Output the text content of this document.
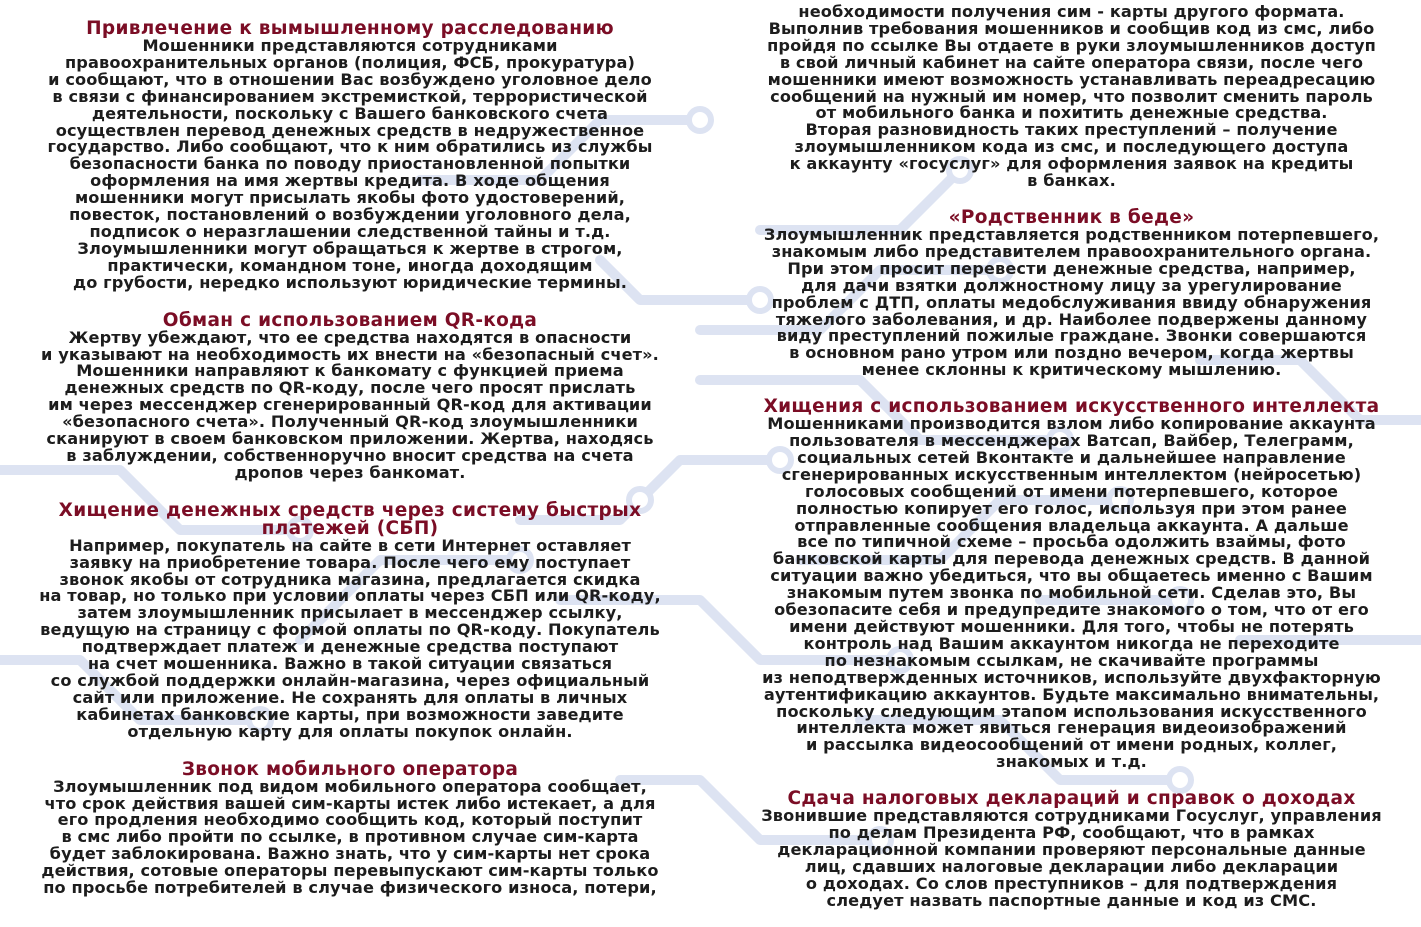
Привлечение к вымышленному расследованию
Мошенники представляются сотрудниками
правоохранительных органов (полиция, ФСБ, прокуратура)
и сообщают, что в отношении Вас возбуждено уголовное дело
в связи с финансированием экстремисткой, террористической
деятельности, поскольку с Вашего банковского счета
осуществлен перевод денежных средств в недружественное
государство. Либо сообщают, что к ним обратились из службы
безопасности банка по поводу приостановленной попытки
оформления на имя жертвы кредита. В ходе общения
мошенники могут присылать якобы фото удостоверений,
повесток, постановлений о возбуждении уголовного дела,
подписок о неразглашении следственной тайны и т.д.
Злоумышленники могут обращаться к жертве в строгом,
практически, командном тоне, иногда доходящим
до грубости, нередко используют юридические термины.
Обман с использованием QR-кода
Жертву убеждают, что ее средства находятся в опасности
и указывают на необходимость их внести на «безопасный счет».
Мошенники направляют к банкомату с функцией приема
денежных средств по QR-коду, после чего просят прислать
им через мессенджер сгенерированный QR-код для активации
«безопасного счета». Полученный QR-код злоумышленники
сканируют в своем банковском приложении. Жертва, находясь
в заблуждении, собственноручно вносит средства на счета
дропов через банкомат.
Хищение денежных средств через систему быстрых
платежей (СБП)
Например, покупатель на сайте в сети Интернет оставляет
заявку на приобретение товара. После чего ему поступает
звонок якобы от сотрудника магазина, предлагается скидка
на товар, но только при условии оплаты через СБП или QR-коду,
затем злоумышленник присылает в мессенджер ссылку,
ведущую на страницу с формой оплаты по QR-коду. Покупатель
подтверждает платеж и денежные средства поступают
на счет мошенника. Важно в такой ситуации связаться
со службой поддержки онлайн-магазина, через официальный
сайт или приложение. Не сохранять для оплаты в личных
кабинетах банковские карты, при возможности заведите
отдельную карту для оплаты покупок онлайн.
Звонок мобильного оператора
Злоумышленник под видом мобильного оператора сообщает,
что срок действия вашей сим-карты истек либо истекает, а для
его продления необходимо сообщить код, который поступит
в смс либо пройти по ссылке, в противном случае сим-карта
будет заблокирована. Важно знать, что у сим-карты нет срока
действия, сотовые операторы перевыпускают сим-карты только
по просьбе потребителей в случае физического износа, потери,
необходимости получения сим - карты другого формата.
Выполнив требования мошенников и сообщив код из смс, либо
пройдя по ссылке Вы отдаете в руки злоумышленников доступ
в свой личный кабинет на сайте оператора связи, после чего
мошенники имеют возможность устанавливать переадресацию
сообщений на нужный им номер, что позволит сменить пароль
от мобильного банка и похитить денежные средства.
Вторая разновидность таких преступлений – получение
злоумышленником кода из смс, и последующего доступа
к аккаунту «госуслуг» для оформления заявок на кредиты
в банках.
«Родственник в беде»
Злоумышленник представляется родственником потерпевшего,
знакомым либо представителем правоохранительного органа.
При этом просит перевести денежные средства, например,
для дачи взятки должностному лицу за урегулирование
проблем с ДТП, оплаты медобслуживания ввиду обнаружения
тяжелого заболевания, и др. Наиболее подвержены данному
виду преступлений пожилые граждане. Звонки совершаются
в основном рано утром или поздно вечером, когда жертвы
менее склонны к критическому мышлению.
Хищения с использованием искусственного интеллекта
Мошенниками производится взлом либо копирование аккаунта
пользователя в мессенджерах Ватсап, Вайбер, Телеграмм,
социальных сетей Вконтакте и дальнейшее направление
сгенерированных искусственным интеллектом (нейросетью)
голосовых сообщений от имени потерпевшего, которое
полностью копирует его голос, используя при этом ранее
отправленные сообщения владельца аккаунта. А дальше
все по типичной схеме – просьба одолжить взаймы, фото
банковской карты для перевода денежных средств. В данной
ситуации важно убедиться, что вы общаетесь именно с Вашим
знакомым путем звонка по мобильной сети. Сделав это, Вы
обезопасите себя и предупредите знакомого о том, что от его
имени действуют мошенники. Для того, чтобы не потерять
контроль над Вашим аккаунтом никогда не переходите
по незнакомым ссылкам, не скачивайте программы
из неподтвержденных источников, используйте двухфакторную
аутентификацию аккаунтов. Будьте максимально внимательны,
поскольку следующим этапом использования искусственного
интеллекта может явиться генерация видеоизображений
и рассылка видеосообщений от имени родных, коллег,
знакомых и т.д.
Сдача налоговых деклараций и справок о доходах
Звонившие представляются сотрудниками Госуслуг, управления
по делам Президента РФ, сообщают, что в рамках
декларационной компании проверяют персональные данные
лиц, сдавших налоговые декларации либо декларации
о доходах. Со слов преступников – для подтверждения
следует назвать паспортные данные и код из СМС.
